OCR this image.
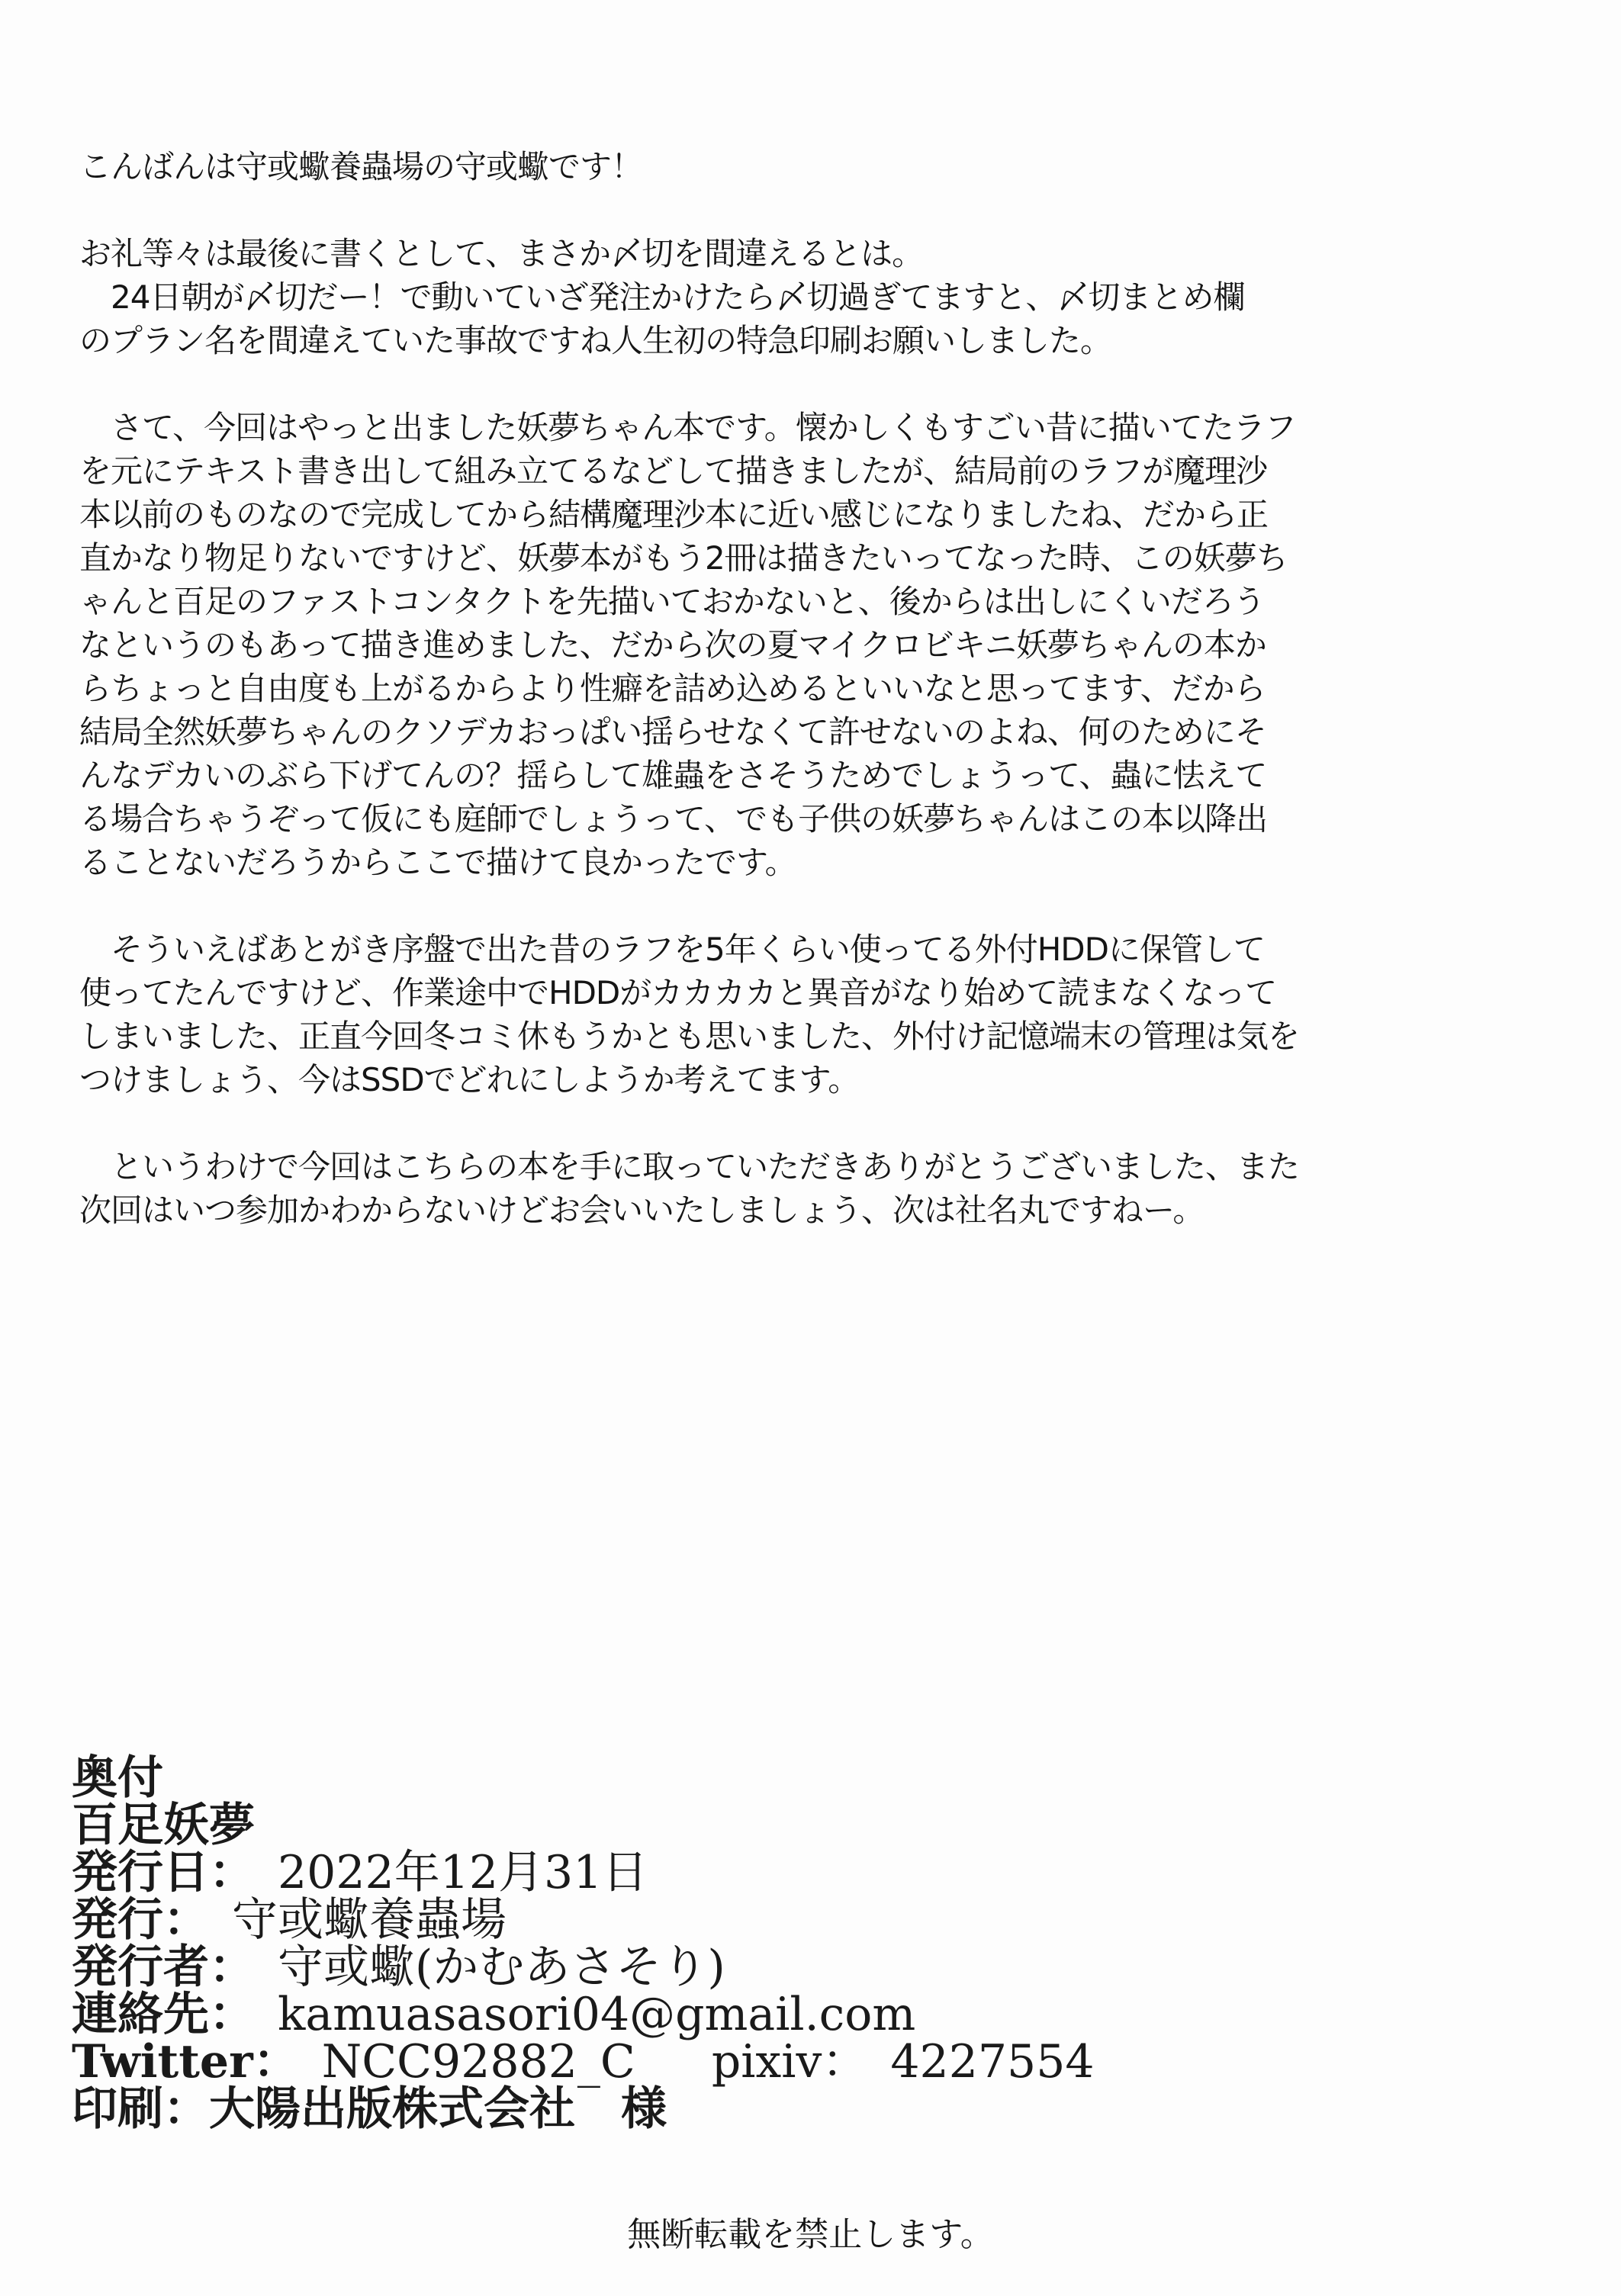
こんばんは守或蠍養蟲場の守或蠍です！

お礼等々は最後に書くとして、まさか〆切を間違えるとは。

　24日朝が〆切だー！で動いていざ発注かけたら〆切過ぎてますと、〆切まとめ欄

のプラン名を間違えていた事故ですね人生初の特急印刷お願いしました。

　さて、今回はやっと出ました妖夢ちゃん本です。懐かしくもすごい昔に描いてたラフ

を元にテキスト書き出して組み立てるなどして描きましたが、結局前のラフが魔理沙

本以前のものなので完成してから結構魔理沙本に近い感じになりましたね、だから正

直かなり物足りないですけど、妖夢本がもう2冊は描きたいってなった時、この妖夢ち

ゃんと百足のファストコンタクトを先描いておかないと、後からは出しにくいだろう

なというのもあって描き進めました、だから次の夏マイクロビキニ妖夢ちゃんの本か

らちょっと自由度も上がるからより性癖を詰め込めるといいなと思ってます、だから

結局全然妖夢ちゃんのクソデカおっぱい揺らせなくて許せないのよね、何のためにそ

んなデカいのぶら下げてんの？揺らして雄蟲をさそうためでしょうって、蟲に怯えて

る場合ちゃうぞって仮にも庭師でしょうって、でも子供の妖夢ちゃんはこの本以降出

ることないだろうからここで描けて良かったです。

　そういえばあとがき序盤で出た昔のラフを5年くらい使ってる外付HDDに保管して

使ってたんですけど、作業途中でHDDがカカカカと異音がなり始めて読まなくなって

しまいました、正直今回冬コミ休もうかとも思いました、外付け記憶端末の管理は気を

つけましょう、今はSSDでどれにしようか考えてます。

　というわけで今回はこちらの本を手に取っていただきありがとうございました、また

次回はいつ参加かわからないけどお会いいたしましょう、次は社名丸ですねー。

奥付
百足妖夢
発行日： 2022年12月31日
発行： 守或蠍養蟲場
発行者： 守或蠍(かむあさそり)
連絡先： kamuasasori04@gmail.com
Twitter： NCC92882_C pixiv： 4227554
印刷： 大陽出版株式会社　様
無断転載を禁止します。
